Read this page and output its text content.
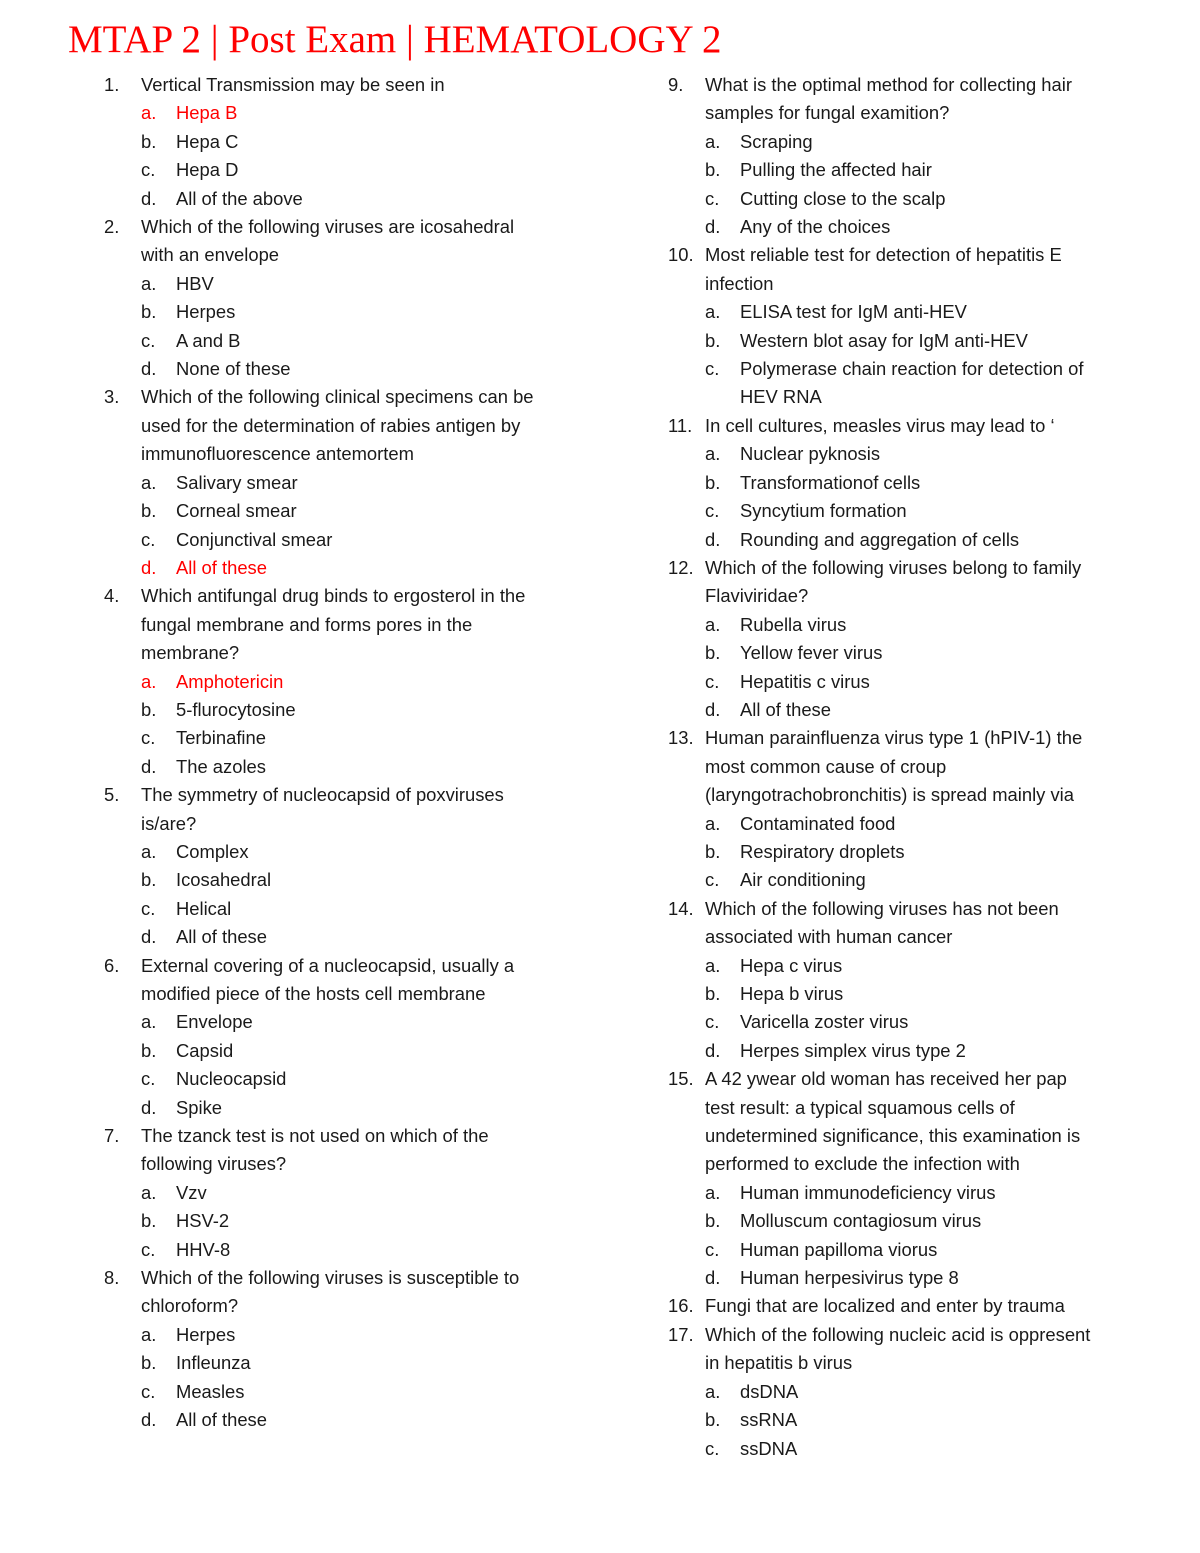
MTAP 2 | Post Exam | HEMATOLOGY 2
1. Vertical Transmission may be seen in
a. Hepa B
b. Hepa C
c. Hepa D
d. All of the above
2. Which of the following viruses are icosahedral
with an envelope
a. HBV
b. Herpes
c. A and B
d. None of these
3. Which of the following clinical specimens can be
used for the determination of rabies antigen by
immunofluorescence antemortem
a. Salivary smear
b. Corneal smear
c. Conjunctival smear
d. All of these
4. Which antifungal drug binds to ergosterol in the
fungal membrane and forms pores in the
membrane?
a. Amphotericin
b. 5-flurocytosine
c. Terbinafine
d. The azoles
5. The symmetry of nucleocapsid of poxviruses
is/are?
a. Complex
b. Icosahedral
c. Helical
d. All of these
6. External covering of a nucleocapsid, usually a
modified piece of the hosts cell membrane
a. Envelope
b. Capsid
c. Nucleocapsid
d. Spike
7. The tzanck test is not used on which of the
following viruses?
a. Vzv
b. HSV-2
c. HHV-8
8. Which of the following viruses is susceptible to
chloroform?
a. Herpes
b. Infleunza
c. Measles
d. All of these
9. What is the optimal method for collecting hair
samples for fungal examition?
a. Scraping
b. Pulling the affected hair
c. Cutting close to the scalp
d. Any of the choices
10. Most reliable test for detection of hepatitis E
infection
a. ELISA test for IgM anti-HEV
b. Western blot asay for IgM anti-HEV
c. Polymerase chain reaction for detection of
HEV RNA
11. In cell cultures, measles virus may lead to ‘
a. Nuclear pyknosis
b. Transformationof cells
c. Syncytium formation
d. Rounding and aggregation of cells
12. Which of the following viruses belong to family
Flaviviridae?
a. Rubella virus
b. Yellow fever virus
c. Hepatitis c virus
d. All of these
13. Human parainfluenza virus type 1 (hPIV-1) the
most common cause of croup
(laryngotrachobronchitis) is spread mainly via
a. Contaminated food
b. Respiratory droplets
c. Air conditioning
14. Which of the following viruses has not been
associated with human cancer
a. Hepa c virus
b. Hepa b virus
c. Varicella zoster virus
d. Herpes simplex virus type 2
15. A 42 ywear old woman has received her pap
test result: a typical squamous cells of
undetermined significance, this examination is
performed to exclude the infection with
a. Human immunodeficiency virus
b. Molluscum contagiosum virus
c. Human papilloma viorus
d. Human herpesivirus type 8
16. Fungi that are localized and enter by trauma
17. Which of the following nucleic acid is oppresent
in hepatitis b virus
a. dsDNA
b. ssRNA
c. ssDNA
